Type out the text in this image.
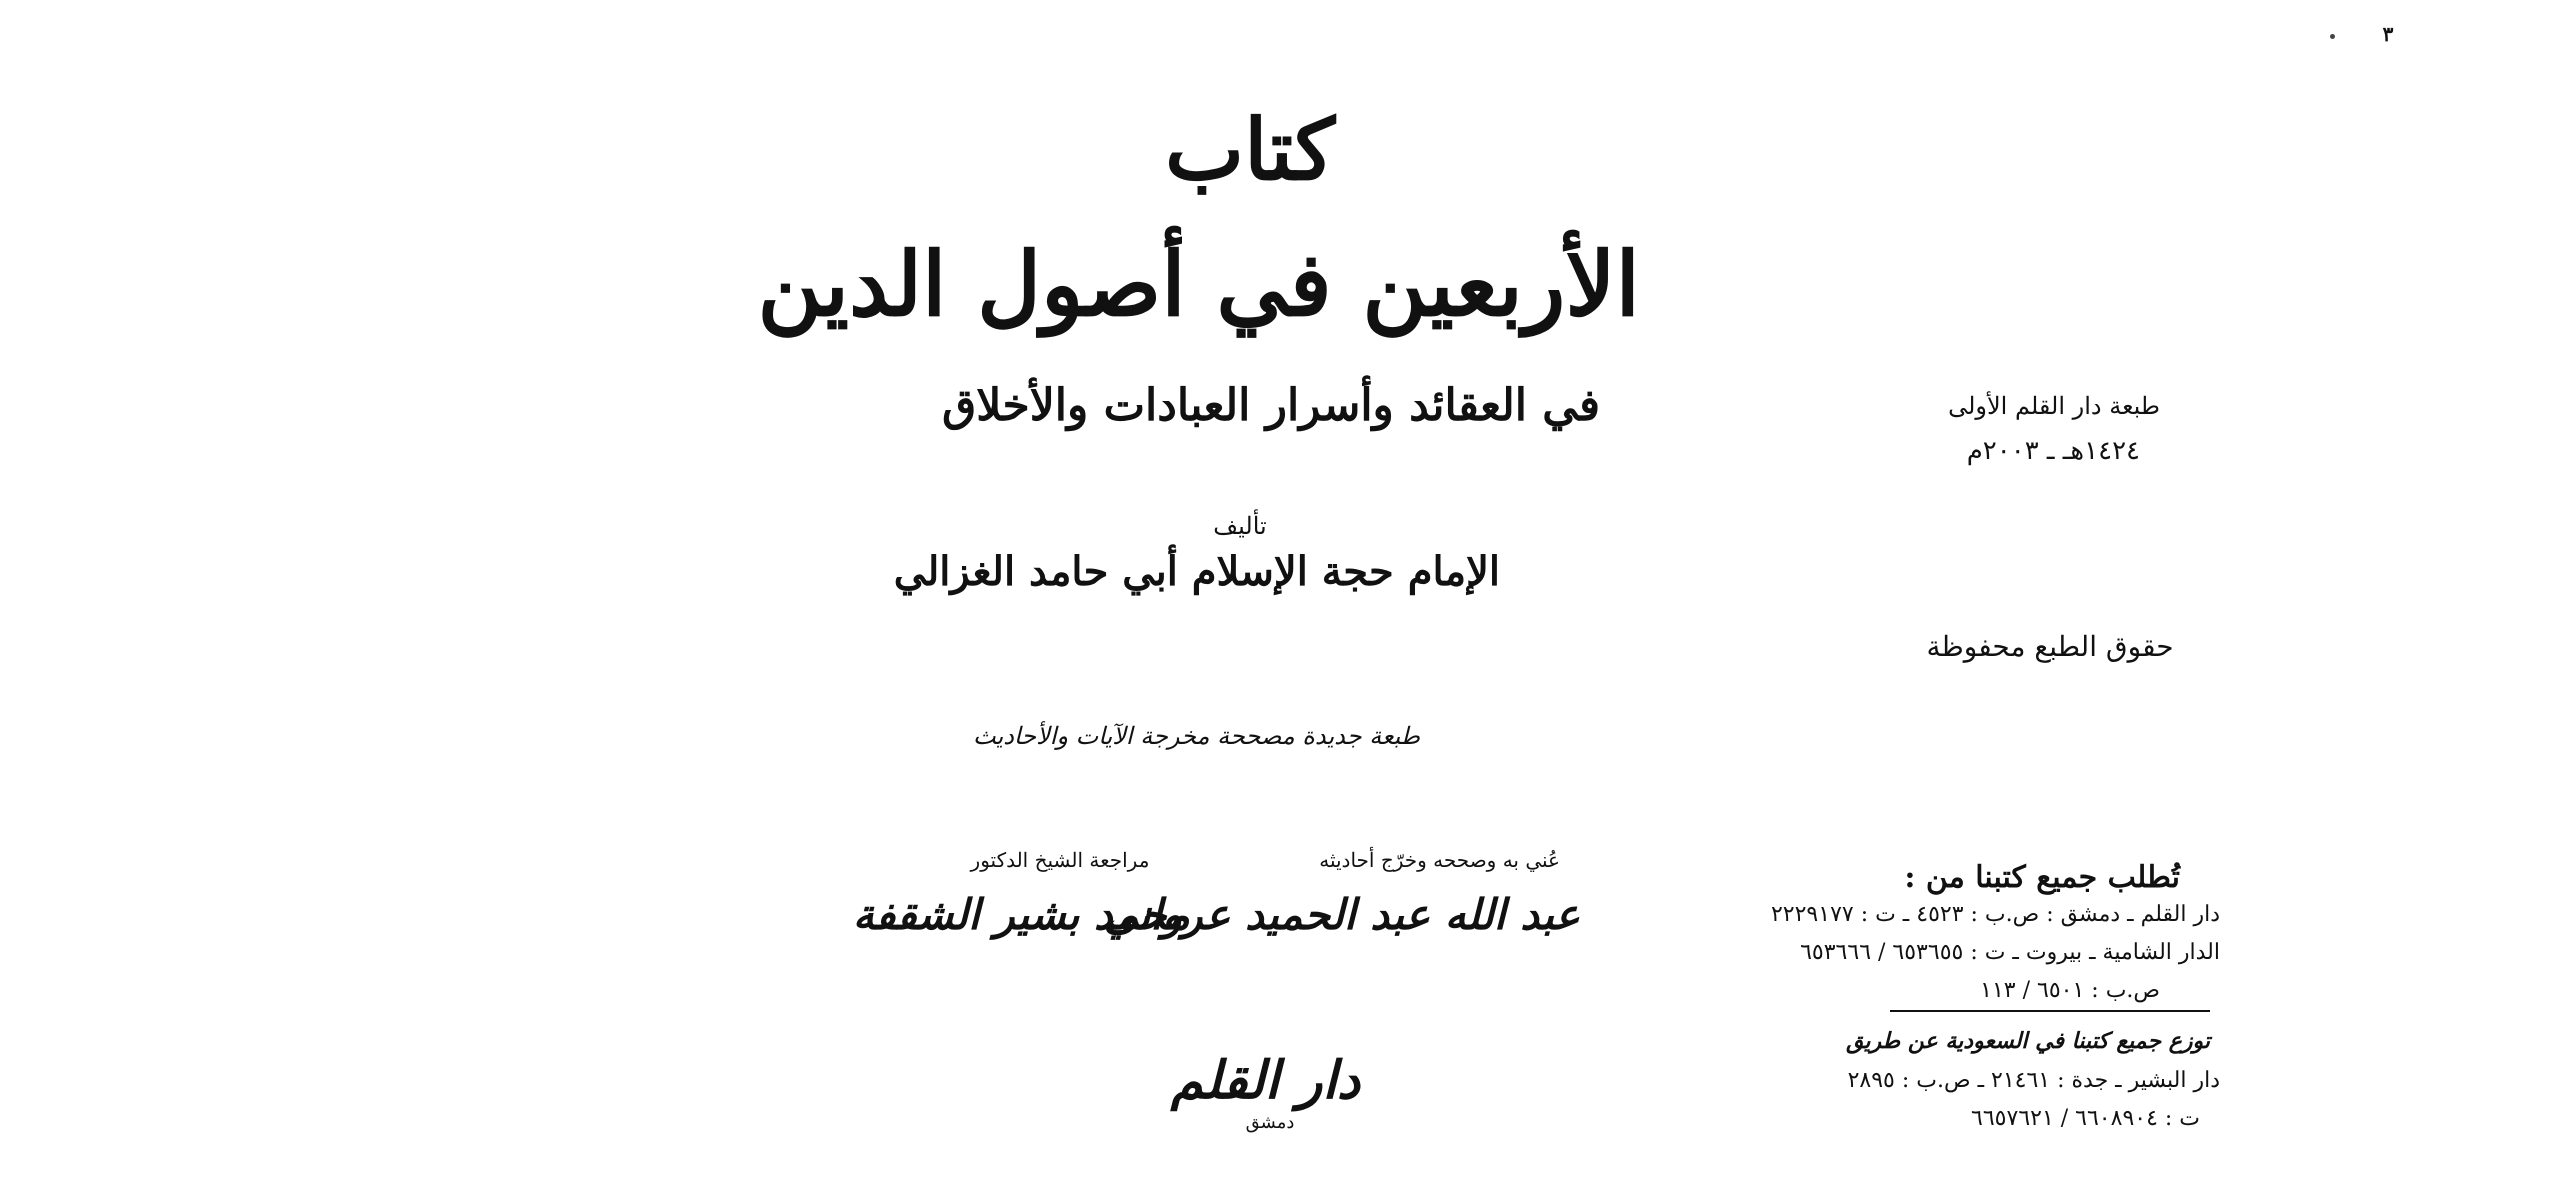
٣
كتاب
الأربعين في أصول الدين
في العقائد وأسرار العبادات والأخلاق
تأليف
الإمام حجة الإسلام أبي حامد الغزالي
طبعة جديدة مصححة مخرجة الآيات والأحاديث
عُني به وصححه وخرّج أحاديثه
عبد الله عبد الحميد عرواني
مراجعة الشيخ الدكتور
محمد بشير الشقفة
دار القلم
دمشق
طبعة دار القلم الأولى
١٤٢٤هـ ـ ٢٠٠٣م
حقوق الطبع محفوظة
تُطلب جميع كتبنا من :
دار القلم ـ دمشق : ص.ب : ٤٥٢٣ ـ ت : ٢٢٢٩١٧٧
الدار الشامية ـ بيروت ـ ت : ٦٥٣٦٥٥ / ٦٥٣٦٦٦
ص.ب : ٦٥٠١ / ١١٣
توزع جميع كتبنا في السعودية عن طريق
دار البشير ـ جدة : ٢١٤٦١ ـ ص.ب : ٢٨٩٥
ت : ٦٦٠٨٩٠٤ / ٦٦٥٧٦٢١
